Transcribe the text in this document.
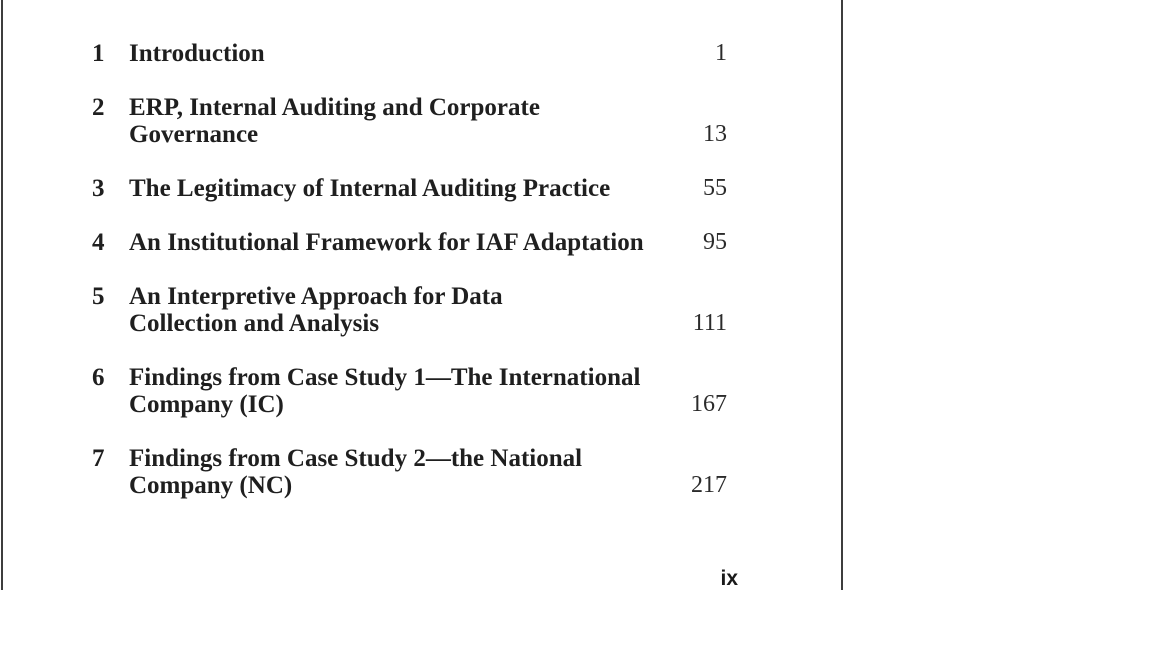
1 Introduction	1
2 ERP, Internal Auditing and Corporate
Governance	13
3 The Legitimacy of Internal Auditing Practice	55
4 An Institutional Framework for IAF Adaptation	95
5 An Interpretive Approach for Data
Collection and Analysis	111
6 Findings from Case Study 1—The International
Company (IC)	167
7 Findings from Case Study 2—the National
Company (NC)	217
ix
